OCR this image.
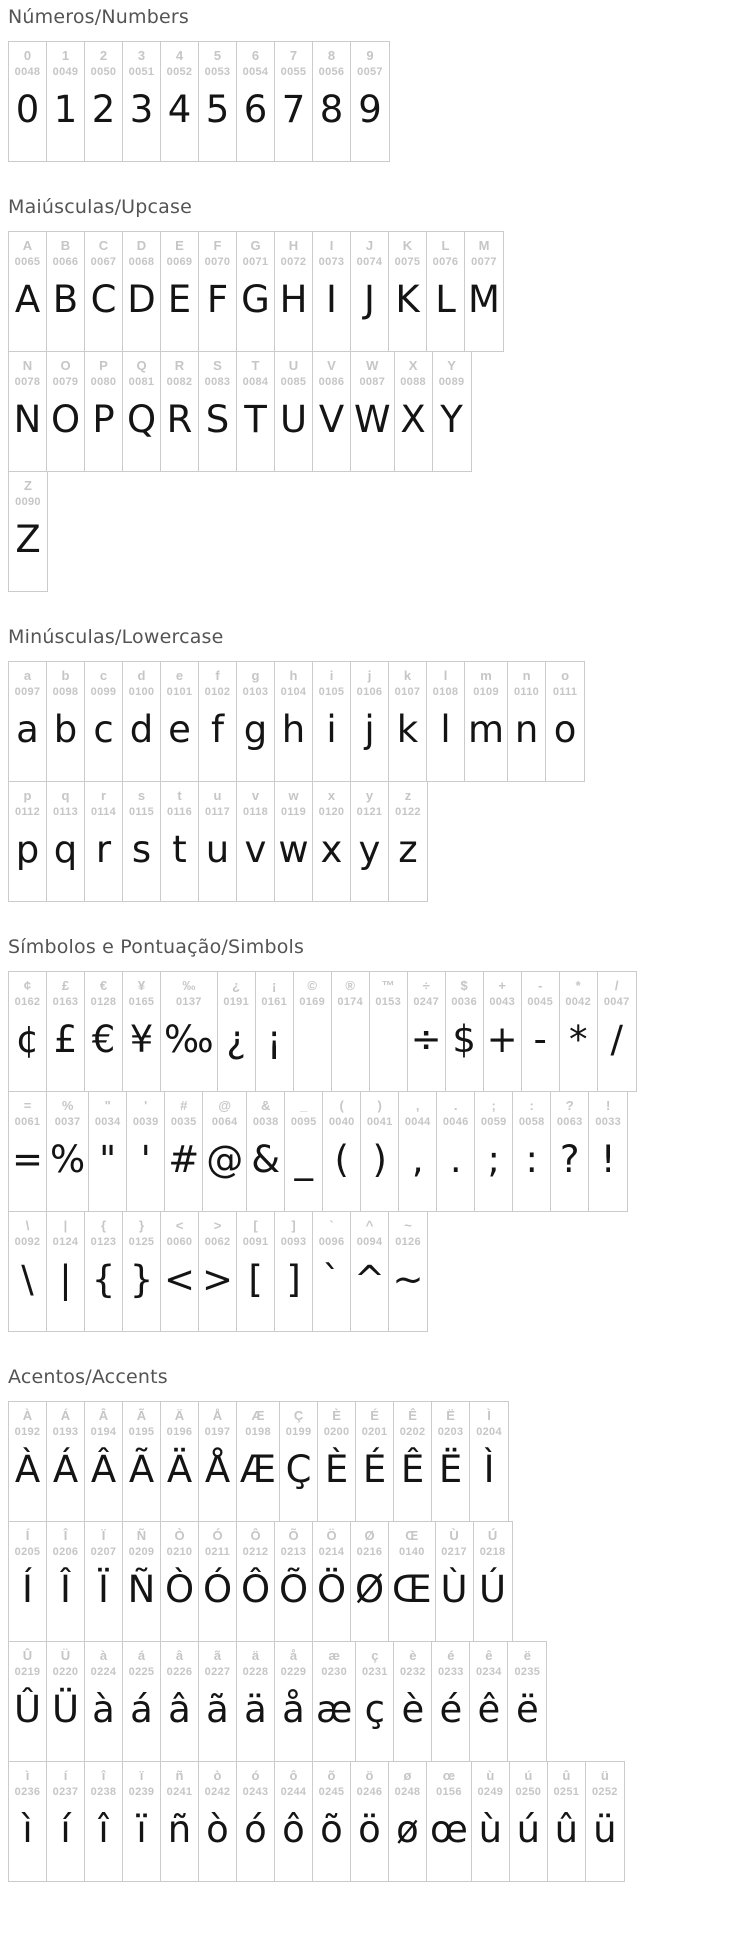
Números/Numbers
0
0048
0
1
0049
1
2
0050
2
3
0051
3
4
0052
4
5
0053
5
6
0054
6
7
0055
7
8
0056
8
9
0057
9
Maiúsculas/Upcase
A
0065
A
B
0066
B
C
0067
C
D
0068
D
E
0069
E
F
0070
F
G
0071
G
H
0072
H
I
0073
I
J
0074
J
K
0075
K
L
0076
L
M
0077
M
N
0078
N
O
0079
O
P
0080
P
Q
0081
Q
R
0082
R
S
0083
S
T
0084
T
U
0085
U
V
0086
V
W
0087
W
X
0088
X
Y
0089
Y
Z
0090
Z
Minúsculas/Lowercase
a
0097
a
b
0098
b
c
0099
c
d
0100
d
e
0101
e
f
0102
f
g
0103
g
h
0104
h
i
0105
i
j
0106
j
k
0107
k
l
0108
l
m
0109
m
n
0110
n
o
0111
o
p
0112
p
q
0113
q
r
0114
r
s
0115
s
t
0116
t
u
0117
u
v
0118
v
w
0119
w
x
0120
x
y
0121
y
z
0122
z
Símbolos e Pontuação/Simbols
¢
0162
¢
£
0163
£
€
0128
€
¥
0165
¥
‰
0137
‰
¿
0191
¿
¡
0161
¡
©
0169
®
0174
™
0153
÷
0247
÷
$
0036
$
+
0043
+
-
0045
-
*
0042
*
/
0047
/
=
0061
=
%
0037
%
"
0034
"
'
0039
'
#
0035
#
@
0064
@
&
0038
&
_
0095
_
(
0040
(
)
0041
)
,
0044
,
.
0046
.
;
0059
;
:
0058
:
?
0063
?
!
0033
!
\
0092
\
|
0124
|
{
0123
{
}
0125
}
<
0060
<
>
0062
>
[
0091
[
]
0093
]
`
0096
`
^
0094
^
~
0126
~
Acentos/Accents
À
0192
À
Á
0193
Á
Â
0194
Â
Ã
0195
Ã
Ä
0196
Ä
Å
0197
Å
Æ
0198
Æ
Ç
0199
Ç
È
0200
È
É
0201
É
Ê
0202
Ê
Ë
0203
Ë
Ì
0204
Ì
Í
0205
Í
Î
0206
Î
Ï
0207
Ï
Ñ
0209
Ñ
Ò
0210
Ò
Ó
0211
Ó
Ô
0212
Ô
Õ
0213
Õ
Ö
0214
Ö
Ø
0216
Ø
Œ
0140
Œ
Ù
0217
Ù
Ú
0218
Ú
Û
0219
Û
Ü
0220
Ü
à
0224
à
á
0225
á
â
0226
â
ã
0227
ã
ä
0228
ä
å
0229
å
æ
0230
æ
ç
0231
ç
è
0232
è
é
0233
é
ê
0234
ê
ë
0235
ë
ì
0236
ì
í
0237
í
î
0238
î
ï
0239
ï
ñ
0241
ñ
ò
0242
ò
ó
0243
ó
ô
0244
ô
õ
0245
õ
ö
0246
ö
ø
0248
ø
œ
0156
œ
ù
0249
ù
ú
0250
ú
û
0251
û
ü
0252
ü
